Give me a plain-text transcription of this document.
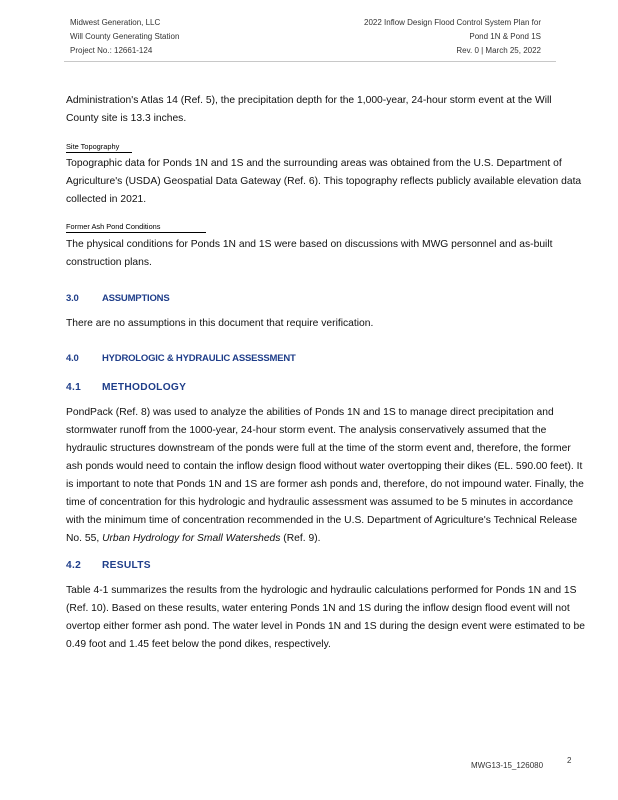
Midwest Generation, LLC
Will County Generating Station
Project No.: 12661-124
2022 Inflow Design Flood Control System Plan for
Pond 1N & Pond 1S
Rev. 0 | March 25, 2022

Administration's Atlas 14 (Ref. 5), the precipitation depth for the 1,000-year, 24-hour storm event at the Will County site is 13.3 inches.

Site Topography

Topographic data for Ponds 1N and 1S and the surrounding areas was obtained from the U.S. Department of Agriculture's (USDA) Geospatial Data Gateway (Ref. 6). This topography reflects publicly available elevation data collected in 2021.

Former Ash Pond Conditions

The physical conditions for Ponds 1N and 1S were based on discussions with MWG personnel and as-built construction plans.

3.0 ASSUMPTIONS

There are no assumptions in this document that require verification.

4.0 HYDROLOGIC & HYDRAULIC ASSESSMENT
4.1 METHODOLOGY

PondPack (Ref. 8) was used to analyze the abilities of Ponds 1N and 1S to manage direct precipitation and stormwater runoff from the 1000-year, 24-hour storm event. The analysis conservatively assumed that the hydraulic structures downstream of the ponds were full at the time of the storm event and, therefore, the former ash ponds would need to contain the inflow design flood without water overtopping their dikes (EL. 590.00 feet). It is important to note that Ponds 1N and 1S are former ash ponds and, therefore, do not impound water. Finally, the time of concentration for this hydrologic and hydraulic assessment was assumed to be 5 minutes in accordance with the minimum time of concentration recommended in the U.S. Department of Agriculture's Technical Release No. 55, Urban Hydrology for Small Watersheds (Ref. 9).

4.2 RESULTS

Table 4-1 summarizes the results from the hydrologic and hydraulic calculations performed for Ponds 1N and 1S (Ref. 10). Based on these results, water entering Ponds 1N and 1S during the inflow design flood event will not overtop either former ash pond. The water level in Ponds 1N and 1S during the design event were estimated to be 0.49 foot and 1.45 feet below the pond dikes, respectively.

MWG13-15_126080
2
